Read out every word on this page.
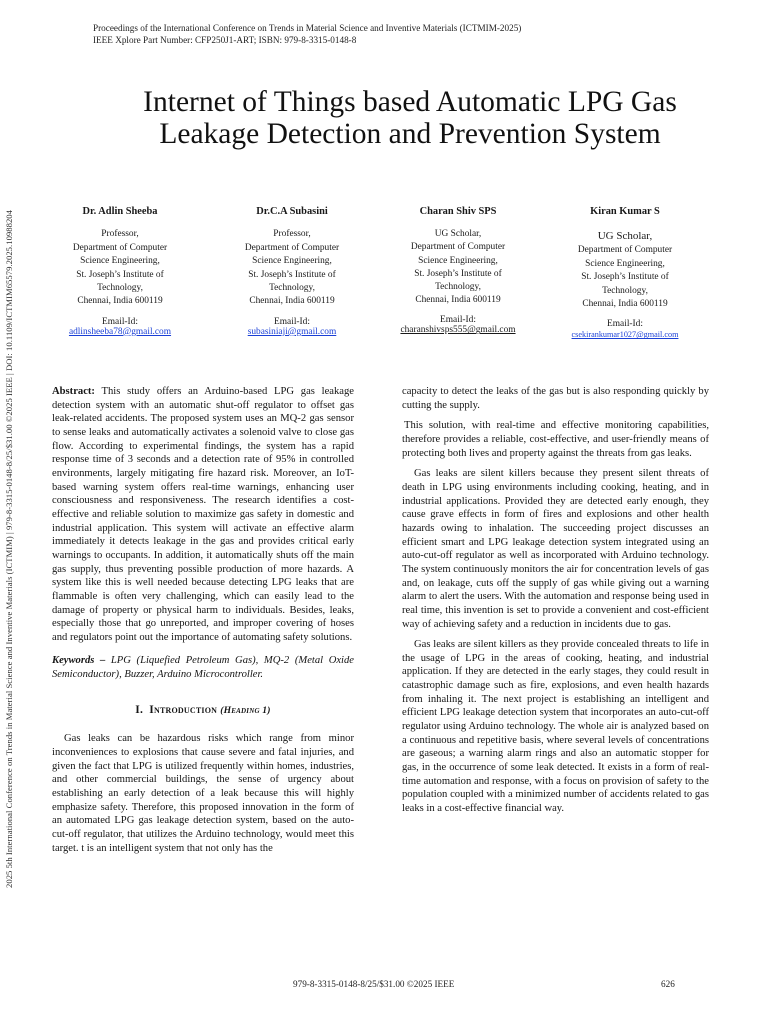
Proceedings of the International Conference on Trends in Material Science and Inventive Materials (ICTMIM-2025)
IEEE Xplore Part Number: CFP250J1-ART; ISBN: 979-8-3315-0148-8
2025 5th International Conference on Trends in Material Science and Inventive Materials (ICTMIM) | 979-8-3315-0148-8/25/$31.00 ©2025 IEEE | DOI: 10.1109/ICTMIM65579.2025.10988204
Internet of Things based Automatic LPG Gas
Leakage Detection and Prevention System
Dr. Adlin Sheeba
Professor,
Department of Computer
Science Engineering,
St. Joseph’s Institute of
Technology,
Chennai, India 600119
Email-Id:
adlinsheeba78@gmail.com
Dr.C.A Subasini
Professor,
Department of Computer
Science Engineering,
St. Joseph’s Institute of
Technology,
Chennai, India 600119
Email-Id:
subasiniaji@gmail.com
Charan Shiv SPS
UG Scholar,
Department of Computer
Science Engineering,
St. Joseph’s Institute of
Technology,
Chennai, India 600119
Email-Id:
charanshivsps555@gmail.com
Kiran Kumar S
UG Scholar,
Department of Computer
Science Engineering,
St. Joseph’s Institute of
Technology,
Chennai, India 600119
Email-Id:
csekirankumar1027@gmail.com

Abstract: This study offers an Arduino-based LPG gas leakage detection system with an automatic shut-off regulator to offset gas leak-related accidents. The proposed system uses an MQ-2 gas sensor to sense leaks and automatically activates a solenoid valve to close gas flow. According to experimental findings, the system has a rapid response time of 3 seconds and a detection rate of 95% in controlled environments, largely mitigating fire hazard risk. Moreover, an IoT-based warning system offers real-time warnings, enhancing user consciousness and responsiveness. The research identifies a cost-effective and reliable solution to maximize gas safety in domestic and industrial application. This system will activate an effective alarm immediately it detects leakage in the gas and provides critical early warnings to occupants. In addition, it automatically shuts off the main gas supply, thus preventing possible production of more hazards. A system like this is well needed because detecting LPG leaks that are flammable is often very challenging, which can easily lead to the damage of property or physical harm to individuals. Besides, leaks, especially those that go unreported, and improper covering of hoses and regulators point out the importance of automating safety solutions.

Keywords – LPG (Liquefied Petroleum Gas), MQ-2 (Metal Oxide Semiconductor), Buzzer, Arduino Microcontroller.

I. Introduction (Heading 1)

Gas leaks can be hazardous risks which range from minor inconveniences to explosions that cause severe and fatal injuries, and given the fact that LPG is utilized frequently within homes, industries, and other commercial buildings, the sense of urgency about establishing an early detection of a leak because this will highly emphasize safety. Therefore, this proposed innovation in the form of an automated LPG gas leakage detection system, based on the auto-cut-off regulator, that utilizes the Arduino technology, would meet this target. t is an intelligent system that not only has the

capacity to detect the leaks of the gas but is also responding quickly by cutting the supply.

This solution, with real-time and effective monitoring capabilities, therefore provides a reliable, cost-effective, and user-friendly means of protecting both lives and property against the threats from gas leaks.

Gas leaks are silent killers because they present silent threats of death in LPG using environments including cooking, heating, and in industrial applications. Provided they are detected early enough, they cause grave effects in form of fires and explosions and other health hazards owing to inhalation. The succeeding project discusses an efficient smart and LPG leakage detection system integrated using an auto-cut-off regulator as well as incorporated with Arduino technology. The system continuously monitors the air for concentration levels of gas and, on leakage, cuts off the supply of gas while giving out a warning alarm to alert the users. With the automation and response being used in real time, this invention is set to provide a convenient and cost-efficient way of achieving safety and a reduction in incidents due to gas.

Gas leaks are silent killers as they provide concealed threats to life in the usage of LPG in the areas of cooking, heating, and industrial application. If they are detected in the early stages, they could result in catastrophic damage such as fire, explosions, and even health hazards from inhaling it. The next project is establishing an intelligent and efficient LPG leakage detection system that incorporates an auto-cut-off regulator using Arduino technology. The whole air is analyzed based on a continuous and repetitive basis, where several levels of concentrations are gaseous; a warning alarm rings and also an automatic stopper for gas, in the occurrence of some leak detected. It exists in a form of real-time automation and response, with a focus on provision of safety to the population coupled with a minimized number of accidents related to gas leaks in a cost-effective financial way.

979-8-3315-0148-8/25/$31.00 ©2025 IEEE	626
